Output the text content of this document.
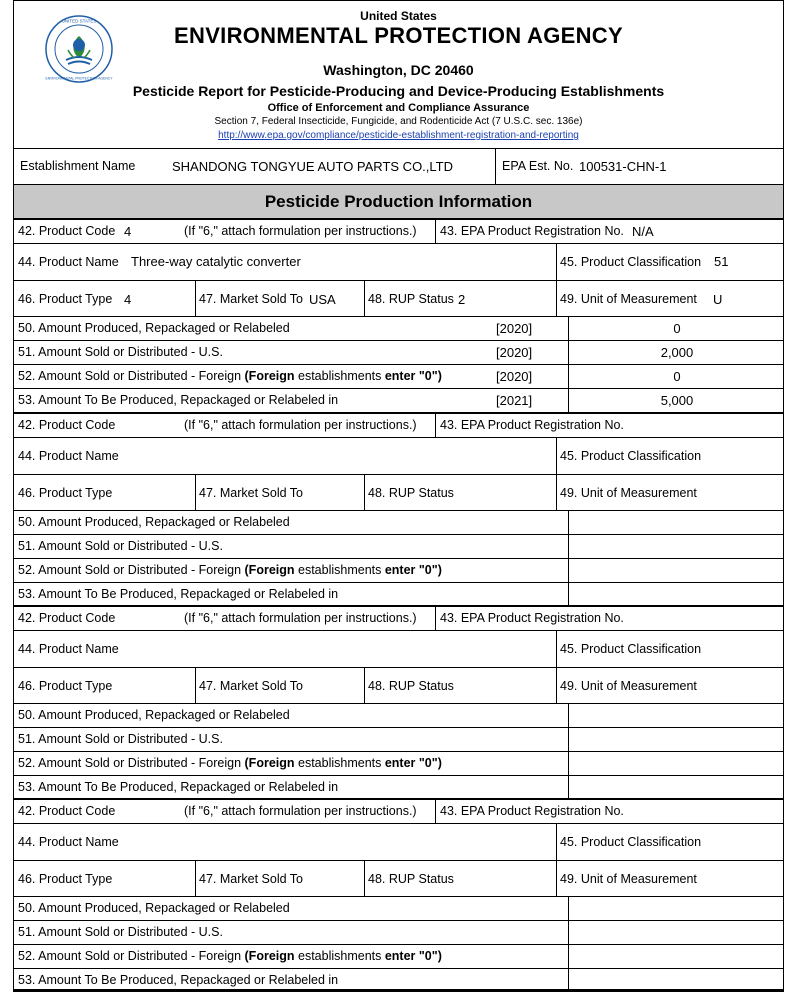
UNITED STATES
ENVIRONMENTAL PROTECTION AGENCY
United States
ENVIRONMENTAL PROTECTION AGENCY
Washington, DC 20460
Pesticide Report for Pesticide-Producing and Device-Producing Establishments
Office of Enforcement and Compliance Assurance
Section 7, Federal Insecticide, Fungicide, and Rodenticide Act (7 U.S.C. sec. 136e)
http://www.epa.gov/compliance/pesticide-establishment-registration-and-reporting
Establishment Name	SHANDONG TONGYUE AUTO PARTS CO.,LTD	EPA Est. No. 100531-CHN-1
Pesticide Production Information
42. Product Code 4	(If "6," attach formulation per instructions.) 43. EPA Product Registration No. N/A
44. Product Name Three-way catalytic converter	45. Product Classification 51
46. Product Type 4	47. Market Sold To USA	48. RUP Status 2	49. Unit of Measurement U
50. Amount Produced, Repackaged or Relabeled	[2020]	0
51. Amount Sold or Distributed - U.S.	[2020]	2,000
52. Amount Sold or Distributed - Foreign (Foreign establishments enter "0")	[2020]	0
53. Amount To Be Produced, Repackaged or Relabeled in	[2021]	5,000
42. Product Code	(If "6," attach formulation per instructions.) 43. EPA Product Registration No.
44. Product Name	45. Product Classification
46. Product Type	47. Market Sold To	48. RUP Status	49. Unit of Measurement
50. Amount Produced, Repackaged or Relabeled
51. Amount Sold or Distributed - U.S.
52. Amount Sold or Distributed - Foreign (Foreign establishments enter "0")
53. Amount To Be Produced, Repackaged or Relabeled in
42. Product Code	(If "6," attach formulation per instructions.) 43. EPA Product Registration No.
44. Product Name	45. Product Classification
46. Product Type	47. Market Sold To	48. RUP Status	49. Unit of Measurement
50. Amount Produced, Repackaged or Relabeled
51. Amount Sold or Distributed - U.S.
52. Amount Sold or Distributed - Foreign (Foreign establishments enter "0")
53. Amount To Be Produced, Repackaged or Relabeled in
42. Product Code	(If "6," attach formulation per instructions.) 43. EPA Product Registration No.
44. Product Name	45. Product Classification
46. Product Type	47. Market Sold To	48. RUP Status	49. Unit of Measurement
50. Amount Produced, Repackaged or Relabeled
51. Amount Sold or Distributed - U.S.
52. Amount Sold or Distributed - Foreign (Foreign establishments enter "0")
53. Amount To Be Produced, Repackaged or Relabeled in
